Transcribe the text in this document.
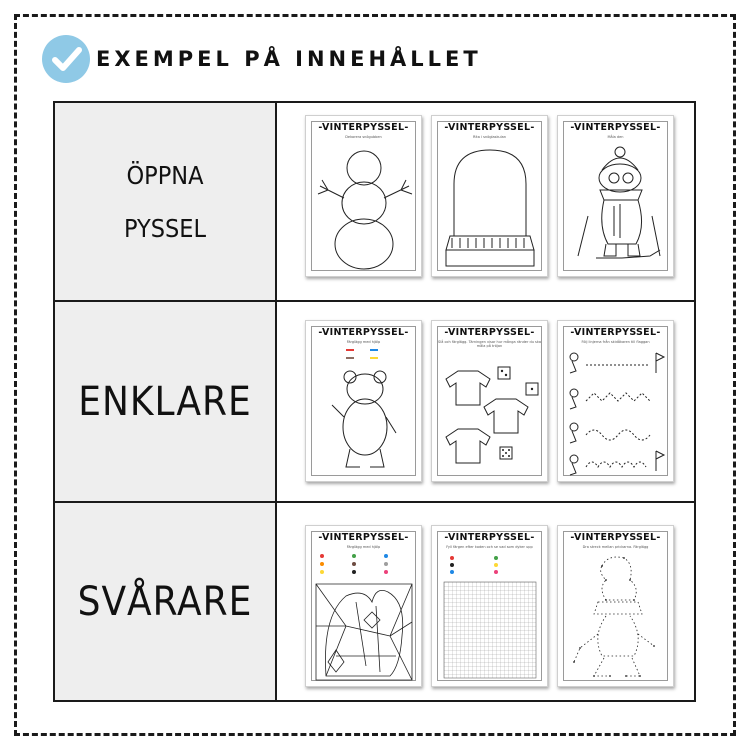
EXEMPEL PÅ INNEHÅLLET
ÖPPNA
PYSSEL
-VINTERPYSSEL-
Dekorera snögubben
-VINTERPYSSEL-
Rita i snöglaskulan
-VINTERPYSSEL-
Måla den
ENKLARE
-VINTERPYSSEL-
Färglägg med hjälp
-VINTERPYSSEL-
Slå och färglägg. Tärningen visar hur många ränder du ska måla på tröjan
-VINTERPYSSEL-
Följ linjerna från skidåkaren till flaggan
SVÅRARE
-VINTERPYSSEL-
Färglägg med hjälp
-VINTERPYSSEL-
Fyll färgen efter koden och se vad som dyker upp
-VINTERPYSSEL-
Dra streck mellan prickarna. Färglägg
